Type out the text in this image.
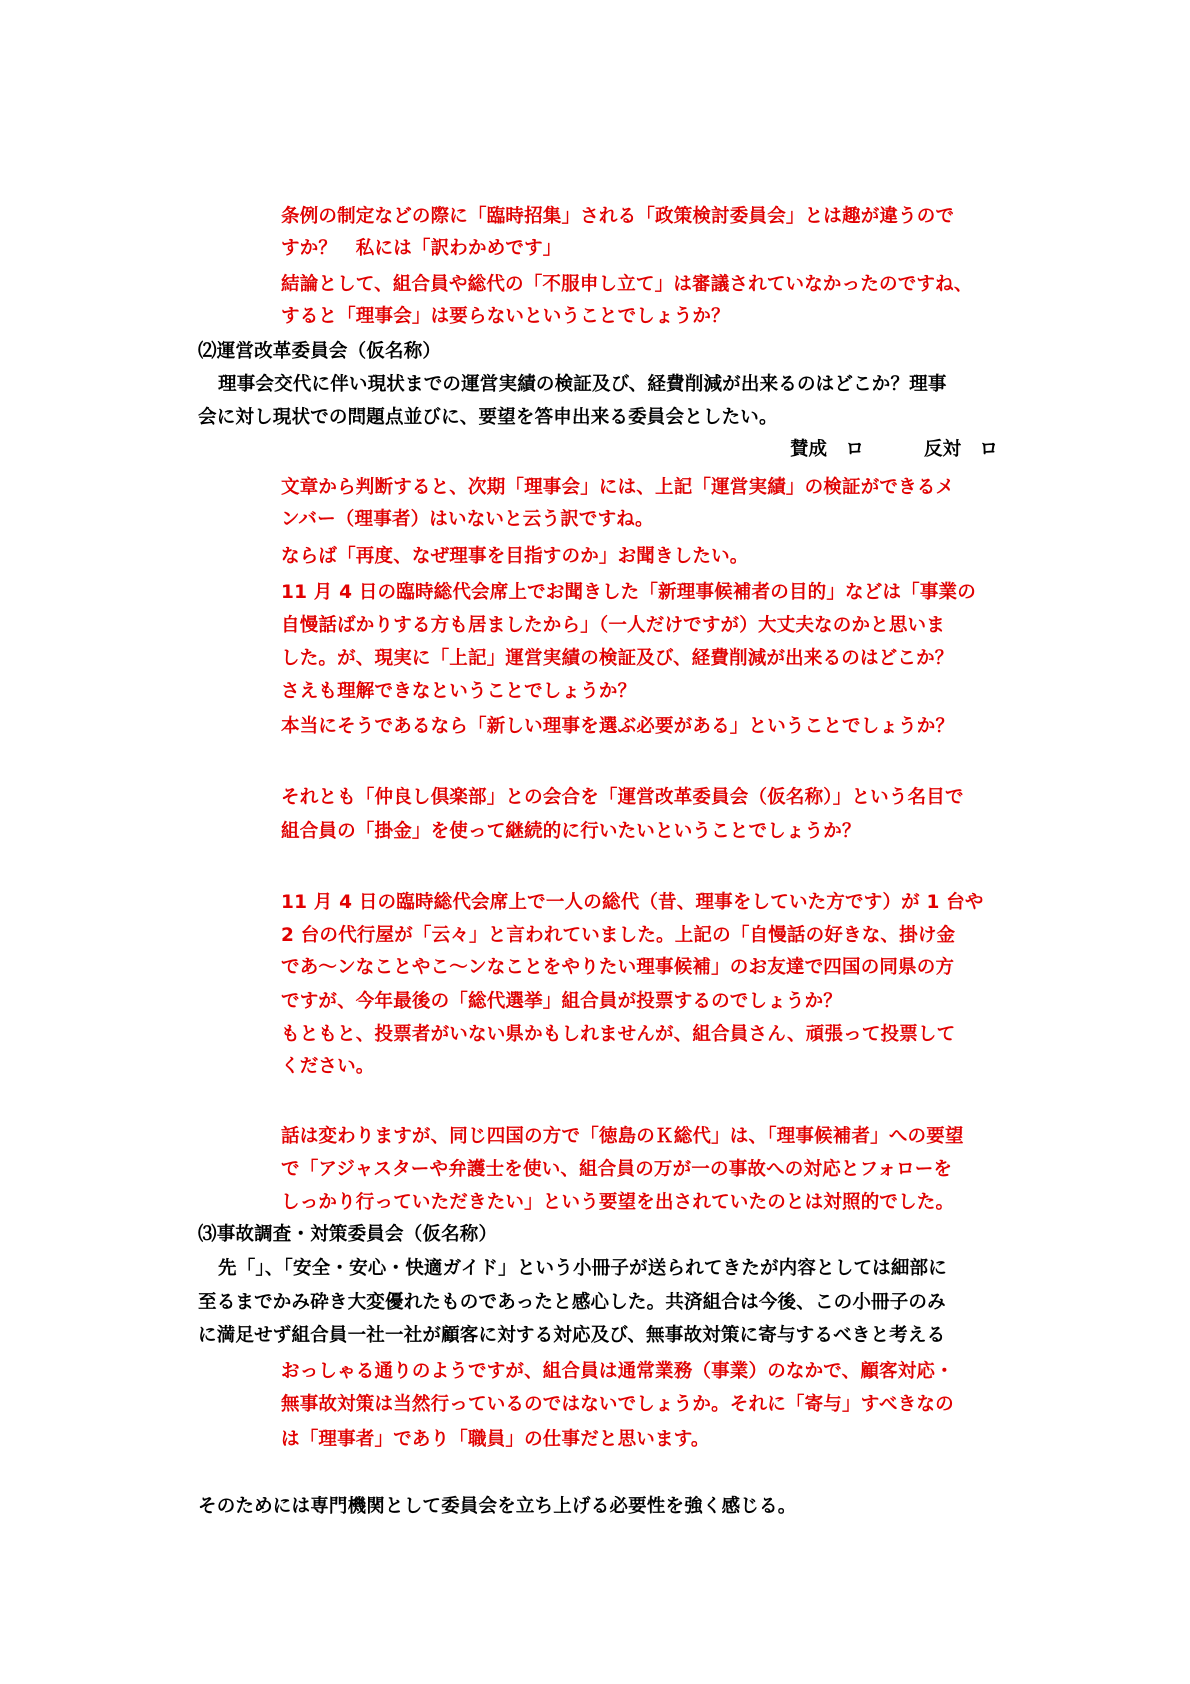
条例の制定などの際に「臨時招集」される「政策検討委員会」とは趣が違うので
すか？　私には「訳わかめです」
結論として、組合員や総代の「不服申し立て」は審議されていなかったのですね、
すると「理事会」は要らないということでしょうか？
⑵運営改革委員会（仮名称）
理事会交代に伴い現状までの運営実績の検証及び、経費削減が出来るのはどこか？理事
会に対し現状での問題点並びに、要望を答申出来る委員会としたい。
賛成　ロ	反対　ロ
文章から判断すると、次期「理事会」には、上記「運営実績」の検証ができるメ
ンバー（理事者）はいないと云う訳ですね。
ならば「再度、なぜ理事を目指すのか」お聞きしたい。
11 月 4 日の臨時総代会席上でお聞きした「新理事候補者の目的」などは「事業の
自慢話ばかりする方も居ましたから」（一人だけですが）大丈夫なのかと思いま
した。が、現実に「上記」運営実績の検証及び、経費削減が出来るのはどこか？
さえも理解できなということでしょうか？
本当にそうであるなら「新しい理事を選ぶ必要がある」ということでしょうか？
それとも「仲良し倶楽部」との会合を「運営改革委員会（仮名称）」という名目で
組合員の「掛金」を使って継続的に行いたいということでしょうか？
11 月 4 日の臨時総代会席上で一人の総代（昔、理事をしていた方です）が 1 台や
2 台の代行屋が「云々」と言われていました。上記の「自慢話の好きな、掛け金
であ～ンなことやこ～ンなことをやりたい理事候補」のお友達で四国の同県の方
ですが、今年最後の「総代選挙」組合員が投票するのでしょうか？
もともと、投票者がいない県かもしれませんが、組合員さん、頑張って投票して
ください。
話は変わりますが、同じ四国の方で「徳島のＫ総代」は、「理事候補者」への要望
で「アジャスターや弁護士を使い、組合員の万が一の事故への対応とフォローを
しっかり行っていただきたい」という要望を出されていたのとは対照的でした。
⑶事故調査・対策委員会（仮名称）
先「」、「安全・安心・快適ガイド」という小冊子が送られてきたが内容としては細部に
至るまでかみ砕き大変優れたものであったと感心した。共済組合は今後、この小冊子のみ
に満足せず組合員一社一社が顧客に対する対応及び、無事故対策に寄与するべきと考える
おっしゃる通りのようですが、組合員は通常業務（事業）のなかで、顧客対応・
無事故対策は当然行っているのではないでしょうか。それに「寄与」すべきなの
は「理事者」であり「職員」の仕事だと思います。
そのためには専門機関として委員会を立ち上げる必要性を強く感じる。
